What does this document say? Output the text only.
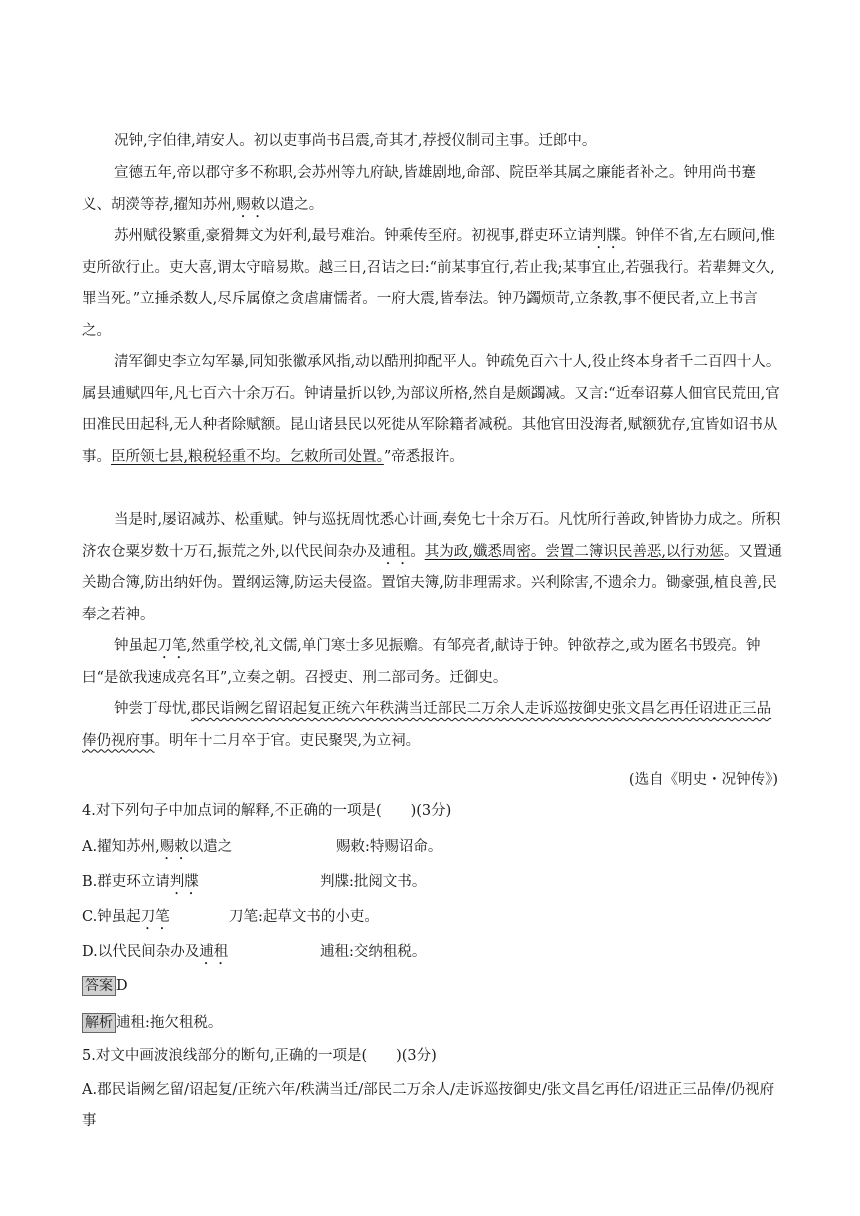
况钟,字伯律,靖安人。初以吏事尚书吕震,奇其才,荐授仪制司主事。迁郎中。

宣德五年,帝以郡守多不称职,会苏州等九府缺,皆雄剧地,命部、院臣举其属之廉能者补之。钟用尚书蹇义、胡濙等荐,擢知苏州,赐敕以遣之。

苏州赋役繁重,豪猾舞文为奸利,最号难治。钟乘传至府。初视事,群吏环立请判牒。钟佯不省,左右顾问,惟吏所欲行止。吏大喜,谓太守暗易欺。越三日,召诘之曰:“前某事宜行,若止我;某事宜止,若强我行。若辈舞文久,罪当死。”立捶杀数人,尽斥属僚之贪虐庸懦者。一府大震,皆奉法。钟乃蠲烦苛,立条教,事不便民者,立上书言之。

清军御史李立勾军暴,同知张徽承风指,动以酷刑抑配平人。钟疏免百六十人,役止终本身者千二百四十人。属县逋赋四年,凡七百六十余万石。钟请量折以钞,为部议所格,然自是颇蠲减。又言:“近奉诏募人佃官民荒田,官田准民田起科,无人种者除赋额。昆山诸县民以死徙从军除籍者减税。其他官田没海者,赋额犹存,宜皆如诏书从事。臣所领七县,粮税轻重不均。乞敕所司处置。”帝悉报许。

当是时,屡诏减苏、松重赋。钟与巡抚周忱悉心计画,奏免七十余万石。凡忱所行善政,钟皆协力成之。所积济农仓粟岁数十万石,振荒之外,以代民间杂办及逋租。其为政,孅悉周密。尝置二簿识民善恶,以行劝惩。又置通关勘合簿,防出纳奸伪。置纲运簿,防运夫侵盗。置馆夫簿,防非理需求。兴利除害,不遗余力。锄豪强,植良善,民奉之若神。

钟虽起刀笔,然重学校,礼文儒,单门寒士多见振赡。有邹亮者,献诗于钟。钟欲荐之,或为匿名书毁亮。钟曰“是欲我速成亮名耳”,立奏之朝。召授吏、刑二部司务。迁御史。

钟尝丁母忧,郡民诣阙乞留诏起复正统六年秩满当迁部民二万余人走诉巡按御史张文昌乞再任诏进正三品俸仍视府事。明年十二月卒于官。吏民聚哭,为立祠。

(选自《明史・况钟传》)

4.对下列句子中加点词的解释,不正确的一项是(　　)(3分)

A.擢知苏州,赐敕以遣之	赐敕:特赐诏命。

B.群吏环立请判牒	判牒:批阅文书。

C.钟虽起刀笔	刀笔:起草文书的小吏。

D.以代民间杂办及逋租	逋租:交纳租税。

答案 D

解析 逋租:拖欠租税。

5.对文中画波浪线部分的断句,正确的一项是(　　)(3分)

A.郡民诣阙乞留/诏起复/正统六年/秩满当迁/部民二万余人/走诉巡按御史/张文昌乞再任/诏进正三品俸/仍视府事
